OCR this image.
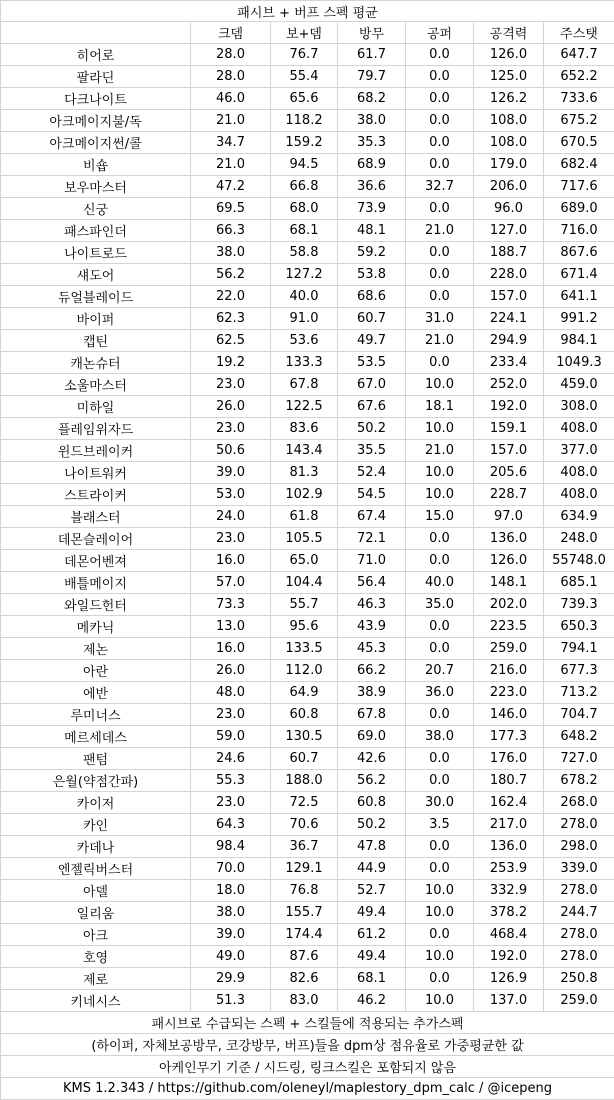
패시브 + 버프 스펙 평균						
	크뎀	보+뎀	방무	공퍼	공격력	주스탯
히어로	28.0	76.7	61.7	0.0	126.0	647.7
팔라딘	28.0	55.4	79.7	0.0	125.0	652.2
다크나이트	46.0	65.6	68.2	0.0	126.2	733.6
아크메이지불/독	21.0	118.2	38.0	0.0	108.0	675.2
아크메이지썬/콜	34.7	159.2	35.3	0.0	108.0	670.5
비숍	21.0	94.5	68.9	0.0	179.0	682.4
보우마스터	47.2	66.8	36.6	32.7	206.0	717.6
신궁	69.5	68.0	73.9	0.0	96.0	689.0
패스파인더	66.3	68.1	48.1	21.0	127.0	716.0
나이트로드	38.0	58.8	59.2	0.0	188.7	867.6
섀도어	56.2	127.2	53.8	0.0	228.0	671.4
듀얼블레이드	22.0	40.0	68.6	0.0	157.0	641.1
바이퍼	62.3	91.0	60.7	31.0	224.1	991.2
캡틴	62.5	53.6	49.7	21.0	294.9	984.1
캐논슈터	19.2	133.3	53.5	0.0	233.4	1049.3
소울마스터	23.0	67.8	67.0	10.0	252.0	459.0
미하일	26.0	122.5	67.6	18.1	192.0	308.0
플레임위자드	23.0	83.6	50.2	10.0	159.1	408.0
윈드브레이커	50.6	143.4	35.5	21.0	157.0	377.0
나이트워커	39.0	81.3	52.4	10.0	205.6	408.0
스트라이커	53.0	102.9	54.5	10.0	228.7	408.0
블래스터	24.0	61.8	67.4	15.0	97.0	634.9
데몬슬레이어	23.0	105.5	72.1	0.0	136.0	248.0
데몬어벤져	16.0	65.0	71.0	0.0	126.0	55748.0
배틀메이지	57.0	104.4	56.4	40.0	148.1	685.1
와일드헌터	73.3	55.7	46.3	35.0	202.0	739.3
메카닉	13.0	95.6	43.9	0.0	223.5	650.3
제논	16.0	133.5	45.3	0.0	259.0	794.1
아란	26.0	112.0	66.2	20.7	216.0	677.3
에반	48.0	64.9	38.9	36.0	223.0	713.2
루미너스	23.0	60.8	67.8	0.0	146.0	704.7
메르세데스	59.0	130.5	69.0	38.0	177.3	648.2
팬텀	24.6	60.7	42.6	0.0	176.0	727.0
은월(약점간파)	55.3	188.0	56.2	0.0	180.7	678.2
카이저	23.0	72.5	60.8	30.0	162.4	268.0
카인	64.3	70.6	50.2	3.5	217.0	278.0
카데나	98.4	36.7	47.8	0.0	136.0	298.0
엔젤릭버스터	70.0	129.1	44.9	0.0	253.9	339.0
아델	18.0	76.8	52.7	10.0	332.9	278.0
일리움	38.0	155.7	49.4	10.0	378.2	244.7
아크	39.0	174.4	61.2	0.0	468.4	278.0
호영	49.0	87.6	49.4	10.0	192.0	278.0
제로	29.9	82.6	68.1	0.0	126.9	250.8
키네시스	51.3	83.0	46.2	10.0	137.0	259.0
패시브로 수급되는 스펙 + 스킬들에 적용되는 추가스펙						
(하이퍼, 자체보공방무, 코강방무, 버프)들을 dpm상 점유율로 가중평균한 값						
아케인무기 기준 / 시드링, 링크스킬은 포함되지 않음						
KMS 1.2.343 / https://github.com/oleneyl/maplestory_dpm_calc / @icepeng						
